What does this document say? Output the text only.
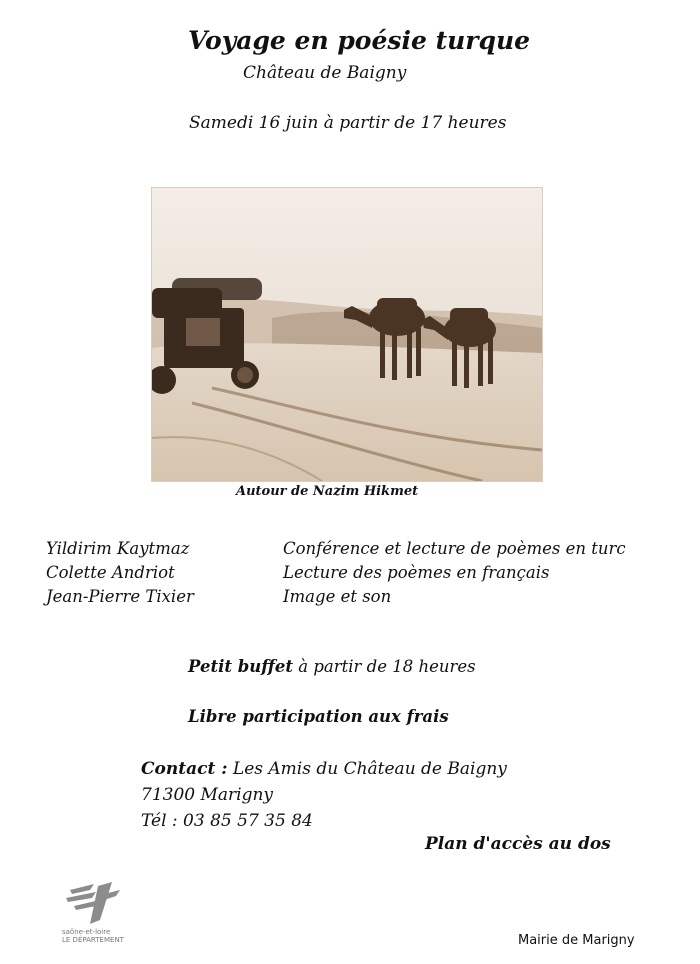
Voyage en poésie turque
Château de Baigny
Samedi 16 juin à partir de 17 heures
Autour de Nazim Hikmet
Yildirim Kaytmaz	Conférence et lecture de poèmes en turc
Colette Andriot	Lecture des poèmes en français
Jean-Pierre Tixier	Image et son
Petit buffet à partir de 18 heures
Libre participation aux frais
Contact : Les Amis du Château de Baigny
71300 Marigny
Tél : 03 85 57 35 84
Plan d'accès au dos
saône-et-loire
LE DÉPARTEMENT	Mairie de Marigny
